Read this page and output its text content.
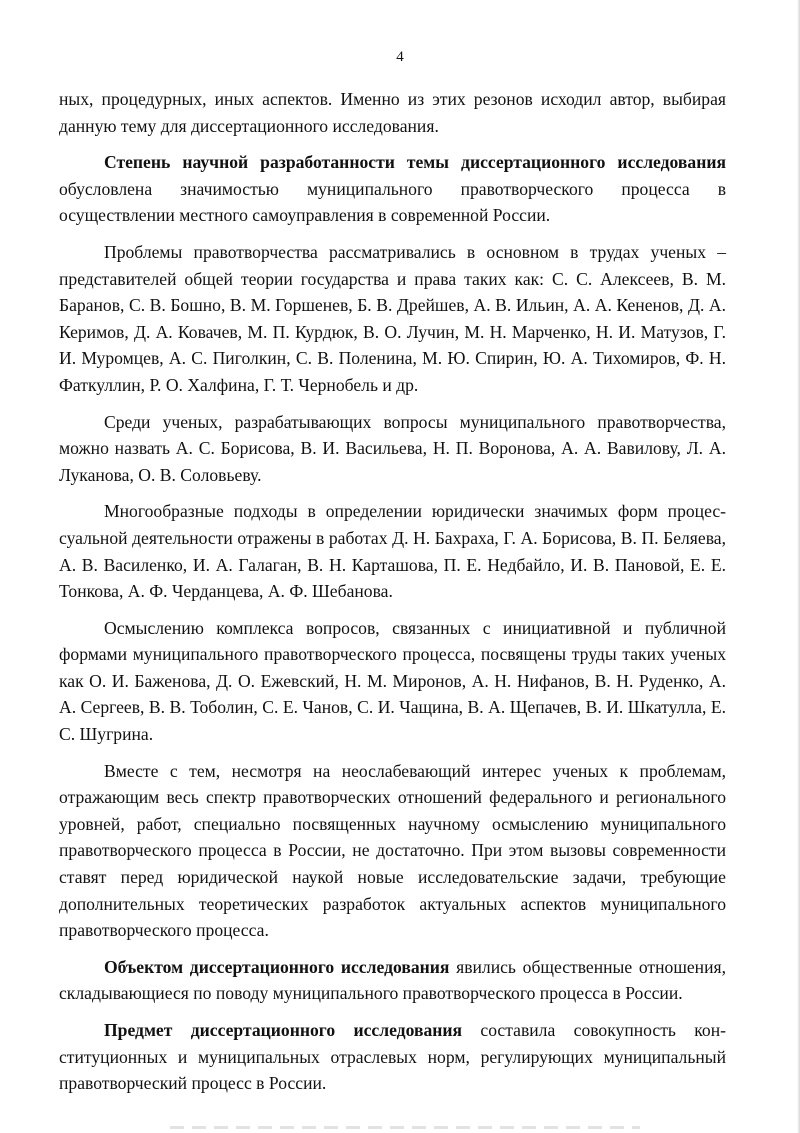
4

ных, процедурных, иных аспектов. Именно из этих резонов исходил автор, выбирая данную тему для диссертационного исследования.

Степень научной разработанности темы диссертационного исследования обусловлена значимостью муниципального правотворческого процесса в осуществлении местного самоуправления в современной России.

Проблемы правотворчества рассматривались в основном в трудах ученых – представителей общей теории государства и права таких как: С. С. Алексеев, В. М. Баранов, С. В. Бошно, В. М. Горшенев, Б. В. Дрейшев, А. В. Ильин, А. А. Кененов, Д. А. Керимов, Д. А. Ковачев, М. П. Курдюк, В. О. Лучин, М. Н. Марченко, Н. И. Матузов, Г. И. Муромцев, А. С. Пиголкин, С. В. Поленина, М. Ю. Спирин, Ю. А. Тихомиров, Ф. Н. Фаткуллин, Р. О. Халфина, Г. Т. Чернобель и др.

Среди ученых, разрабатывающих вопросы муниципального правотворчества, можно назвать А. С. Борисова, В. И. Васильева, Н. П. Воронова, А. А. Вавилову, Л. А. Луканова, О. В. Соловьеву.

Многообразные подходы в определении юридически значимых форм процессуальной деятельности отражены в работах Д. Н. Бахраха, Г. А. Борисова, В. П. Беляева, А. В. Василенко, И. А. Галаган, В. Н. Карташова, П. Е. Недбайло, И. В. Пановой, Е. Е. Тонкова, А. Ф. Черданцева, А. Ф. Шебанова.

Осмыслению комплекса вопросов, связанных с инициативной и публичной формами муниципального правотворческого процесса, посвящены труды таких ученых как О. И. Баженова, Д. О. Ежевский, Н. М. Миронов, А. Н. Нифанов, В. Н. Руденко, А. А. Сергеев, В. В. Тоболин, С. Е. Чанов, С. И. Чащина, В. А. Щепачев, В. И. Шкатулла, Е. С. Шугрина.

Вместе с тем, несмотря на неослабевающий интерес ученых к проблемам, отражающим весь спектр правотворческих отношений федерального и регионального уровней, работ, специально посвященных научному осмыслению муниципального правотворческого процесса в России, не достаточно. При этом вызовы современности ставят перед юридической наукой новые исследовательские задачи, требующие дополнительных теоретических разработок актуальных аспектов муниципального правотворческого процесса.

Объектом диссертационного исследования явились общественные отношения, складывающиеся по поводу муниципального правотворческого процесса в России.

Предмет диссертационного исследования составила совокупность конституционных и муниципальных отраслевых норм, регулирующих муниципальный правотворческий процесс в России.
